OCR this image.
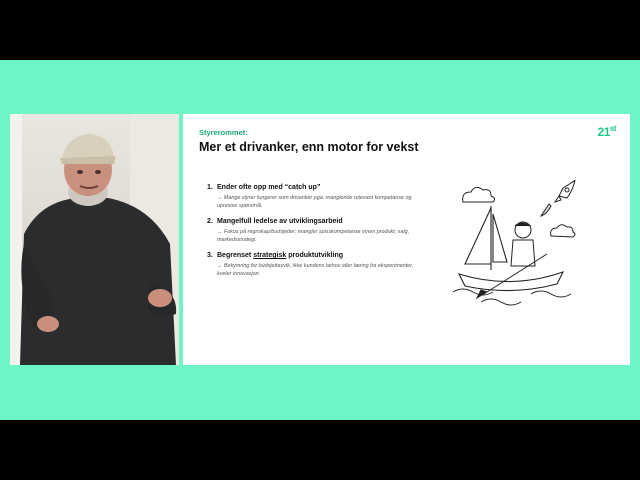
Styrerommet:

Mer et drivanker, enn motor for vekst
21st
1. Ender ofte opp med “catch up”
→ Mange styrer fungerer som drivanker pga. manglende relevant kompetanse og upresise spørsmål.
2. Mangelfull ledelse av utviklingsarbeid
→ Fokus på regnskap/budsjetter; mangler spisskompetanse innen produkt, salg, markedsstrategi.
3. Begrenset strategisk produktutvikling
→ Bekymring for budsjettavvik, ikke kundens behov eller læring fra eksperimenter, kveler innovasjon.
